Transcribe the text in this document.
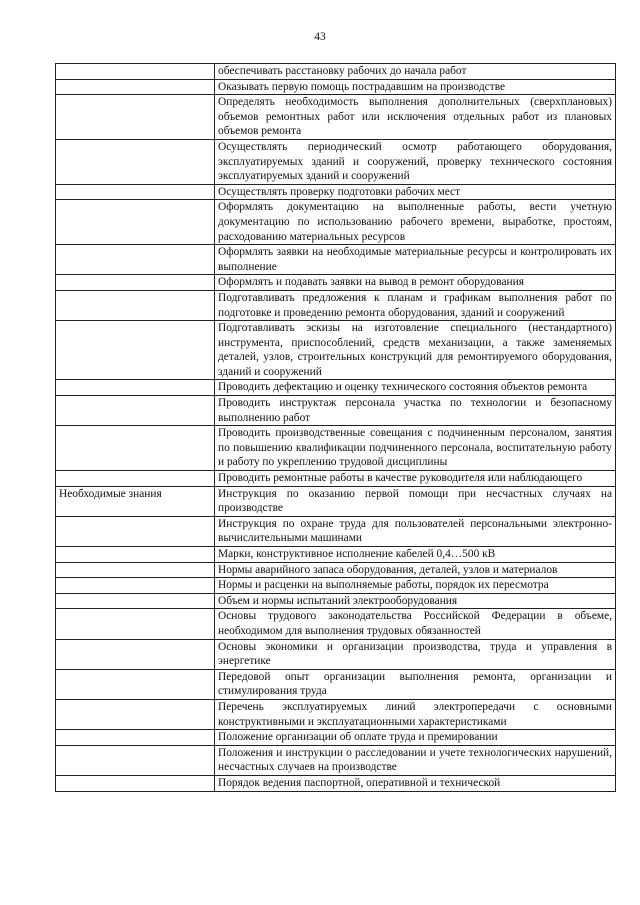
43
	обеспечивать расстановку рабочих до начала работ
	Оказывать первую помощь пострадавшим на производстве
	Определять необходимость выполнения дополнительных (сверхплановых) объемов ремонтных работ или исключения отдельных работ из плановых объемов ремонта
	Осуществлять периодический осмотр работающего оборудования, эксплуатируемых зданий и сооружений, проверку технического состояния эксплуатируемых зданий и сооружений
	Осуществлять проверку подготовки рабочих мест
	Оформлять документацию на выполненные работы, вести учетную документацию по использованию рабочего времени, выработке, простоям, расходованию материальных ресурсов
	Оформлять заявки на необходимые материальные ресурсы и контролировать их выполнение
	Оформлять и подавать заявки на вывод в ремонт оборудования
	Подготавливать предложения к планам и графикам выполнения работ по подготовке и проведению ремонта оборудования, зданий и сооружений
	Подготавливать эскизы на изготовление специального (нестандартного) инструмента, приспособлений, средств механизации, а также заменяемых деталей, узлов, строительных конструкций для ремонтируемого оборудования, зданий и сооружений
	Проводить дефектацию и оценку технического состояния объектов ремонта
	Проводить инструктаж персонала участка по технологии и безопасному выполнению работ
	Проводить производственные совещания с подчиненным персоналом, занятия по повышению квалификации подчиненного персонала, воспитательную работу и работу по укреплению трудовой дисциплины
	Проводить ремонтные работы в качестве руководителя или наблюдающего
Необходимые знания	Инструкция по оказанию первой помощи при несчастных случаях на производстве
	Инструкция по охране труда для пользователей персональными электронно-вычислительными машинами
	Марки, конструктивное исполнение кабелей 0,4…500 кВ
	Нормы аварийного запаса оборудования, деталей, узлов и материалов
	Нормы и расценки на выполняемые работы, порядок их пересмотра
	Объем и нормы испытаний электрооборудования
	Основы трудового законодательства Российской Федерации в объеме, необходимом для выполнения трудовых обязанностей
	Основы экономики и организации производства, труда и управления в энергетике
	Передовой опыт организации выполнения ремонта, организации и стимулирования труда
	Перечень эксплуатируемых линий электропередачи с основными конструктивными и эксплуатационными характеристиками
	Положение организации об оплате труда и премировании
	Положения и инструкции о расследовании и учете технологических нарушений, несчастных случаев на производстве
	Порядок ведения паспортной, оперативной и технической
